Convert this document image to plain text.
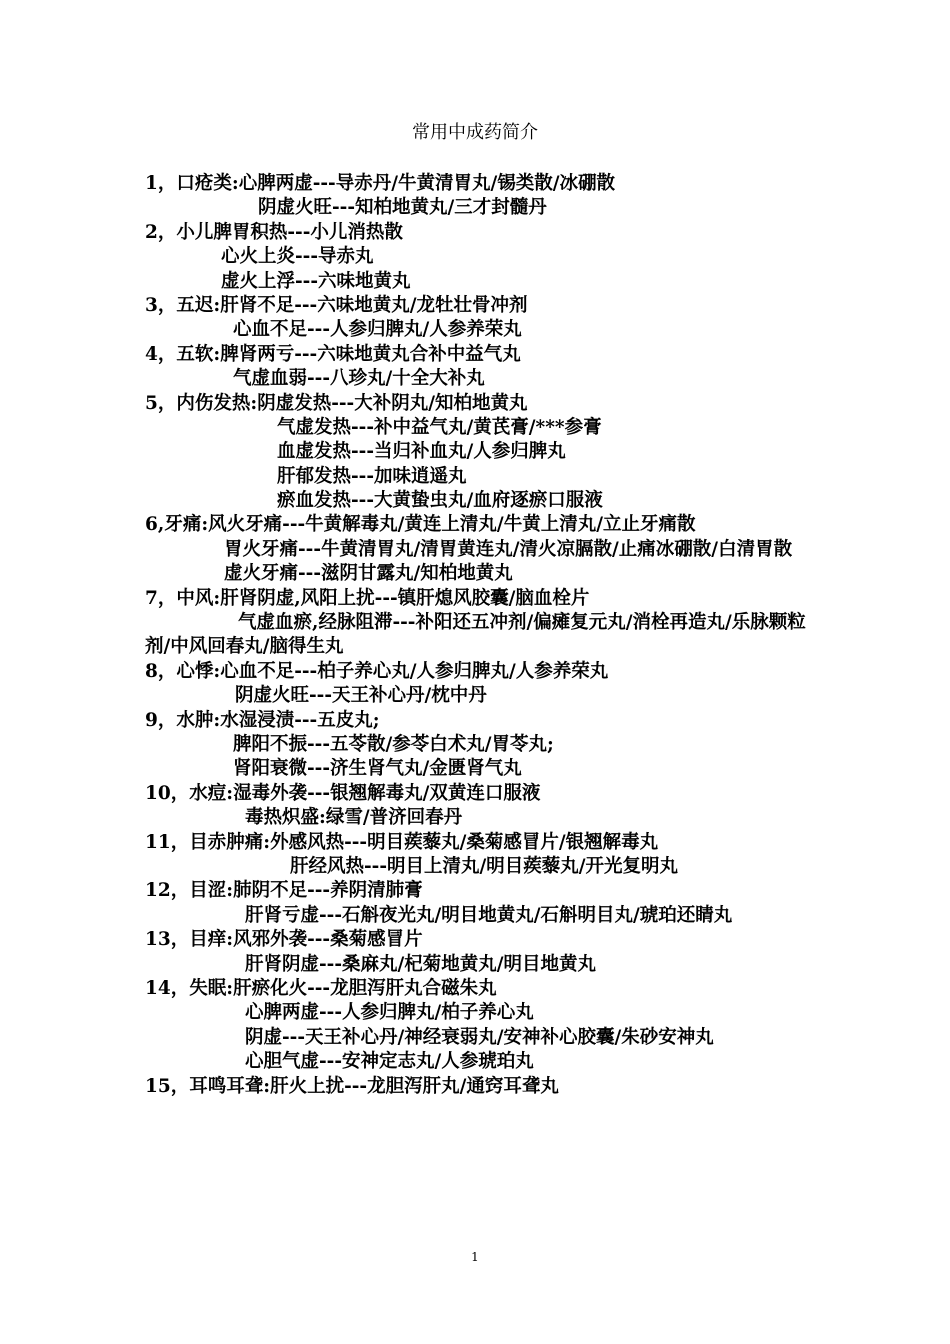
常用中成药简介
1，口疮类:心脾两虚---导赤丹/牛黄清胃丸/锡类散/冰硼散
阴虚火旺---知柏地黄丸/三才封髓丹
2，小儿脾胃积热---小儿消热散
心火上炎---导赤丸
虚火上浮---六味地黄丸
3，五迟:肝肾不足---六味地黄丸/龙牡壮骨冲剂
心血不足---人参归脾丸/人参养荣丸
4，五软:脾肾两亏---六味地黄丸合补中益气丸
气虚血弱---八珍丸/十全大补丸
5，内伤发热:阴虚发热---大补阴丸/知柏地黄丸
气虚发热---补中益气丸/黄芪膏/***参膏
血虚发热---当归补血丸/人参归脾丸
肝郁发热---加味逍遥丸
瘀血发热---大黄蛰虫丸/血府逐瘀口服液
6,牙痛:风火牙痛---牛黄解毒丸/黄连上清丸/牛黄上清丸/立止牙痛散
胃火牙痛---牛黄清胃丸/清胃黄连丸/清火凉膈散/止痛冰硼散/白清胃散
虚火牙痛---滋阴甘露丸/知柏地黄丸
7，中风:肝肾阴虚,风阳上扰---镇肝熄风胶囊/脑血栓片
气虚血瘀,经脉阻滞---补阳还五冲剂/偏瘫复元丸/消栓再造丸/乐脉颗粒剂/中风回春丸/脑得生丸
8，心悸:心血不足---柏子养心丸/人参归脾丸/人参养荣丸
阴虚火旺---天王补心丹/枕中丹
9，水肿:水湿浸渍---五皮丸;
脾阳不振---五苓散/参苓白术丸/胃苓丸;
肾阳衰微---济生肾气丸/金匮肾气丸
10，水痘:湿毒外袭---银翘解毒丸/双黄连口服液
毒热炽盛:绿雪/普济回春丹
11，目赤肿痛:外感风热---明目蒺藜丸/桑菊感冒片/银翘解毒丸
肝经风热---明目上清丸/明目蒺藜丸/开光复明丸
12，目涩:肺阴不足---养阴清肺膏
肝肾亏虚---石斛夜光丸/明目地黄丸/石斛明目丸/琥珀还睛丸
13，目痒:风邪外袭---桑菊感冒片
肝肾阴虚---桑麻丸/杞菊地黄丸/明目地黄丸
14，失眠:肝瘀化火---龙胆泻肝丸合磁朱丸
心脾两虚---人参归脾丸/柏子养心丸
阴虚---天王补心丹/神经衰弱丸/安神补心胶囊/朱砂安神丸
心胆气虚---安神定志丸/人参琥珀丸
15，耳鸣耳聋:肝火上扰---龙胆泻肝丸/通窍耳聋丸
1
